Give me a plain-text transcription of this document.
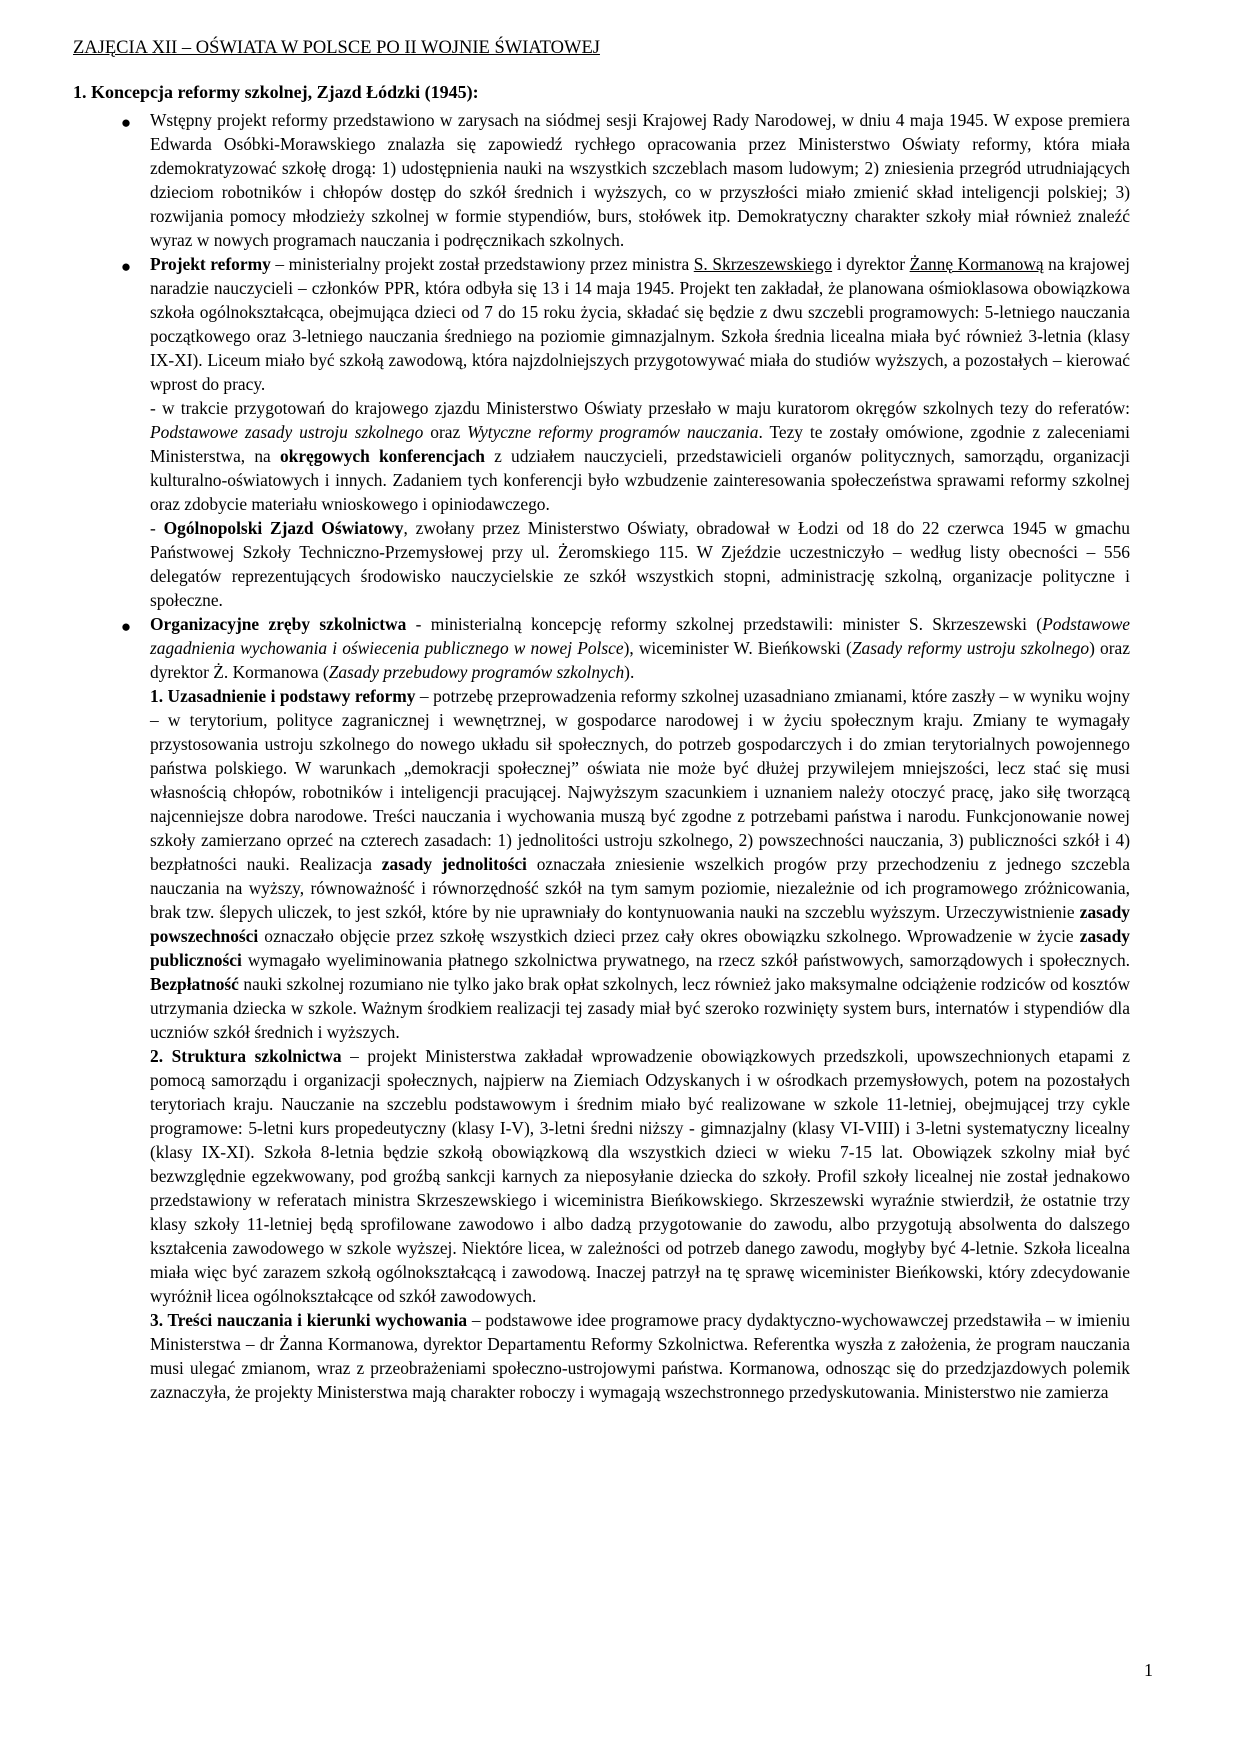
ZAJĘCIA XII – OŚWIATA W POLSCE PO II WOJNIE ŚWIATOWEJ
1. Koncepcja reformy szkolnej, Zjazd Łódzki (1945):
● Wstępny projekt reformy przedstawiono w zarysach na siódmej sesji Krajowej Rady Narodowej, w dniu 4 maja 1945. W expose premiera Edwarda Osóbki-Morawskiego znalazła się zapowiedź rychłego opracowania przez Ministerstwo Oświaty reformy, która miała zdemokratyzować szkołę drogą: 1) udostępnienia nauki na wszystkich szczeblach masom ludowym; 2) zniesienia przegród utrudniających dzieciom robotników i chłopów dostęp do szkół średnich i wyższych, co w przyszłości miało zmienić skład inteligencji polskiej; 3) rozwijania pomocy młodzieży szkolnej w formie stypendiów, burs, stołówek itp. Demokratyczny charakter szkoły miał również znaleźć wyraz w nowych programach nauczania i podręcznikach szkolnych.

● Projekt reformy – ministerialny projekt został przedstawiony przez ministra S. Skrzeszewskiego i dyrektor Żannę Kormanową na krajowej naradzie nauczycieli – członków PPR, która odbyła się 13 i 14 maja 1945. Projekt ten zakładał, że planowana ośmioklasowa obowiązkowa szkoła ogólnokształcąca, obejmująca dzieci od 7 do 15 roku życia, składać się będzie z dwu szczebli programowych: 5-letniego nauczania początkowego oraz 3-letniego nauczania średniego na poziomie gimnazjalnym. Szkoła średnia licealna miała być również 3-letnia (klasy IX-XI). Liceum miało być szkołą zawodową, która najzdolniejszych przygotowywać miała do studiów wyższych, a pozostałych – kierować wprost do pracy.

- w trakcie przygotowań do krajowego zjazdu Ministerstwo Oświaty przesłało w maju kuratorom okręgów szkolnych tezy do referatów: Podstawowe zasady ustroju szkolnego oraz Wytyczne reformy programów nauczania. Tezy te zostały omówione, zgodnie z zaleceniami Ministerstwa, na okręgowych konferencjach z udziałem nauczycieli, przedstawicieli organów politycznych, samorządu, organizacji kulturalno-oświatowych i innych. Zadaniem tych konferencji było wzbudzenie zainteresowania społeczeństwa sprawami reformy szkolnej oraz zdobycie materiału wnioskowego i opiniodawczego.

- Ogólnopolski Zjazd Oświatowy, zwołany przez Ministerstwo Oświaty, obradował w Łodzi od 18 do 22 czerwca 1945 w gmachu Państwowej Szkoły Techniczno-Przemysłowej przy ul. Żeromskiego 115. W Zjeździe uczestniczyło – według listy obecności – 556 delegatów reprezentujących środowisko nauczycielskie ze szkół wszystkich stopni, administrację szkolną, organizacje polityczne i społeczne.

● Organizacyjne zręby szkolnictwa - ministerialną koncepcję reformy szkolnej przedstawili: minister S. Skrzeszewski (Podstawowe zagadnienia wychowania i oświecenia publicznego w nowej Polsce), wiceminister W. Bieńkowski (Zasady reformy ustroju szkolnego) oraz dyrektor Ż. Kormanowa (Zasady przebudowy programów szkolnych).

1. Uzasadnienie i podstawy reformy – potrzebę przeprowadzenia reformy szkolnej uzasadniano zmianami, które zaszły – w wyniku wojny – w terytorium, polityce zagranicznej i wewnętrznej, w gospodarce narodowej i w życiu społecznym kraju. Zmiany te wymagały przystosowania ustroju szkolnego do nowego układu sił społecznych, do potrzeb gospodarczych i do zmian terytorialnych powojennego państwa polskiego. W warunkach „demokracji społecznej” oświata nie może być dłużej przywilejem mniejszości, lecz stać się musi własnością chłopów, robotników i inteligencji pracującej. Najwyższym szacunkiem i uznaniem należy otoczyć pracę, jako siłę tworzącą najcenniejsze dobra narodowe. Treści nauczania i wychowania muszą być zgodne z potrzebami państwa i narodu. Funkcjonowanie nowej szkoły zamierzano oprzeć na czterech zasadach: 1) jednolitości ustroju szkolnego, 2) powszechności nauczania, 3) publiczności szkół i 4) bezpłatności nauki. Realizacja zasady jednolitości oznaczała zniesienie wszelkich progów przy przechodzeniu z jednego szczebla nauczania na wyższy, równoważność i równorzędność szkół na tym samym poziomie, niezależnie od ich programowego zróżnicowania, brak tzw. ślepych uliczek, to jest szkół, które by nie uprawniały do kontynuowania nauki na szczeblu wyższym. Urzeczywistnienie zasady powszechności oznaczało objęcie przez szkołę wszystkich dzieci przez cały okres obowiązku szkolnego. Wprowadzenie w życie zasady publiczności wymagało wyeliminowania płatnego szkolnictwa prywatnego, na rzecz szkół państwowych, samorządowych i społecznych. Bezpłatność nauki szkolnej rozumiano nie tylko jako brak opłat szkolnych, lecz również jako maksymalne odciążenie rodziców od kosztów utrzymania dziecka w szkole. Ważnym środkiem realizacji tej zasady miał być szeroko rozwinięty system burs, internatów i stypendiów dla uczniów szkół średnich i wyższych.

2. Struktura szkolnictwa – projekt Ministerstwa zakładał wprowadzenie obowiązkowych przedszkoli, upowszechnionych etapami z pomocą samorządu i organizacji społecznych, najpierw na Ziemiach Odzyskanych i w ośrodkach przemysłowych, potem na pozostałych terytoriach kraju. Nauczanie na szczeblu podstawowym i średnim miało być realizowane w szkole 11-letniej, obejmującej trzy cykle programowe: 5-letni kurs propedeutyczny (klasy I-V), 3-letni średni niższy - gimnazjalny (klasy VI-VIII) i 3-letni systematyczny licealny (klasy IX-XI). Szkoła 8-letnia będzie szkołą obowiązkową dla wszystkich dzieci w wieku 7-15 lat. Obowiązek szkolny miał być bezwzględnie egzekwowany, pod groźbą sankcji karnych za nieposyłanie dziecka do szkoły. Profil szkoły licealnej nie został jednakowo przedstawiony w referatach ministra Skrzeszewskiego i wiceministra Bieńkowskiego. Skrzeszewski wyraźnie stwierdził, że ostatnie trzy klasy szkoły 11-letniej będą sprofilowane zawodowo i albo dadzą przygotowanie do zawodu, albo przygotują absolwenta do dalszego kształcenia zawodowego w szkole wyższej. Niektóre licea, w zależności od potrzeb danego zawodu, mogłyby być 4-letnie. Szkoła licealna miała więc być zarazem szkołą ogólnokształcącą i zawodową. Inaczej patrzył na tę sprawę wiceminister Bieńkowski, który zdecydowanie wyróżnił licea ogólnokształcące od szkół zawodowych.

3. Treści nauczania i kierunki wychowania – podstawowe idee programowe pracy dydaktyczno-wychowawczej przedstawiła – w imieniu Ministerstwa – dr Żanna Kormanowa, dyrektor Departamentu Reformy Szkolnictwa. Referentka wyszła z założenia, że program nauczania musi ulegać zmianom, wraz z przeobrażeniami społeczno-ustrojowymi państwa. Kormanowa, odnosząc się do przedzjazdowych polemik zaznaczyła, że projekty Ministerstwa mają charakter roboczy i wymagają wszechstronnego przedyskutowania. Ministerstwo nie zamierza

1
